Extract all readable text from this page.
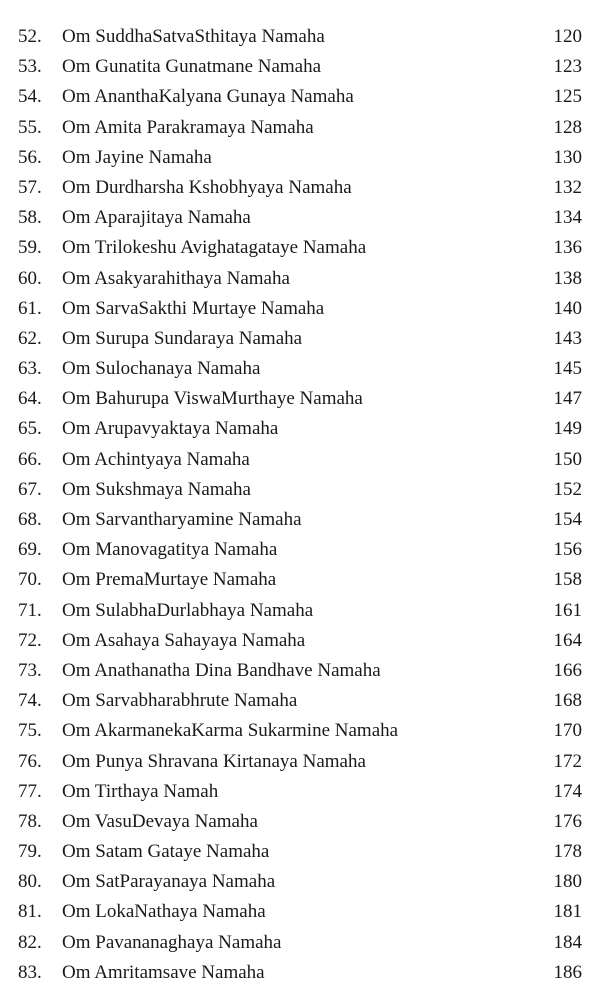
52.	Om SuddhaSatvaSthitaya Namaha	120
53.	Om Gunatita Gunatmane Namaha	123
54.	Om AnanthaKalyana Gunaya Namaha	125
55.	Om Amita Parakramaya Namaha	128
56.	Om Jayine Namaha	130
57.	Om Durdharsha Kshobhyaya Namaha	132
58.	Om Aparajitaya Namaha	134
59.	Om Trilokeshu Avighatagataye Namaha	136
60.	Om Asakyarahithaya Namaha	138
61.	Om SarvaSakthi Murtaye Namaha	140
62.	Om Surupa Sundaraya Namaha	143
63.	Om Sulochanaya Namaha	145
64.	Om Bahurupa ViswaMurthaye Namaha	147
65.	Om Arupavyaktaya Namaha	149
66.	Om Achintyaya Namaha	150
67.	Om Sukshmaya Namaha	152
68.	Om Sarvantharyamine Namaha	154
69.	Om Manovagatitya Namaha	156
70.	Om PremaMurtaye Namaha	158
71.	Om SulabhaDurlabhaya Namaha	161
72.	Om Asahaya Sahayaya Namaha	164
73.	Om Anathanatha Dina Bandhave Namaha	166
74.	Om Sarvabharabhrute Namaha	168
75.	Om AkarmanekaKarma Sukarmine Namaha	170
76.	Om Punya Shravana Kirtanaya Namaha	172
77.	Om Tirthaya Namah	174
78.	Om VasuDevaya Namaha	176
79.	Om Satam Gataye Namaha	178
80.	Om SatParayanaya Namaha	180
81.	Om LokaNathaya Namaha	181
82.	Om Pavananaghaya Namaha	184
83.	Om Amritamsave Namaha	186
